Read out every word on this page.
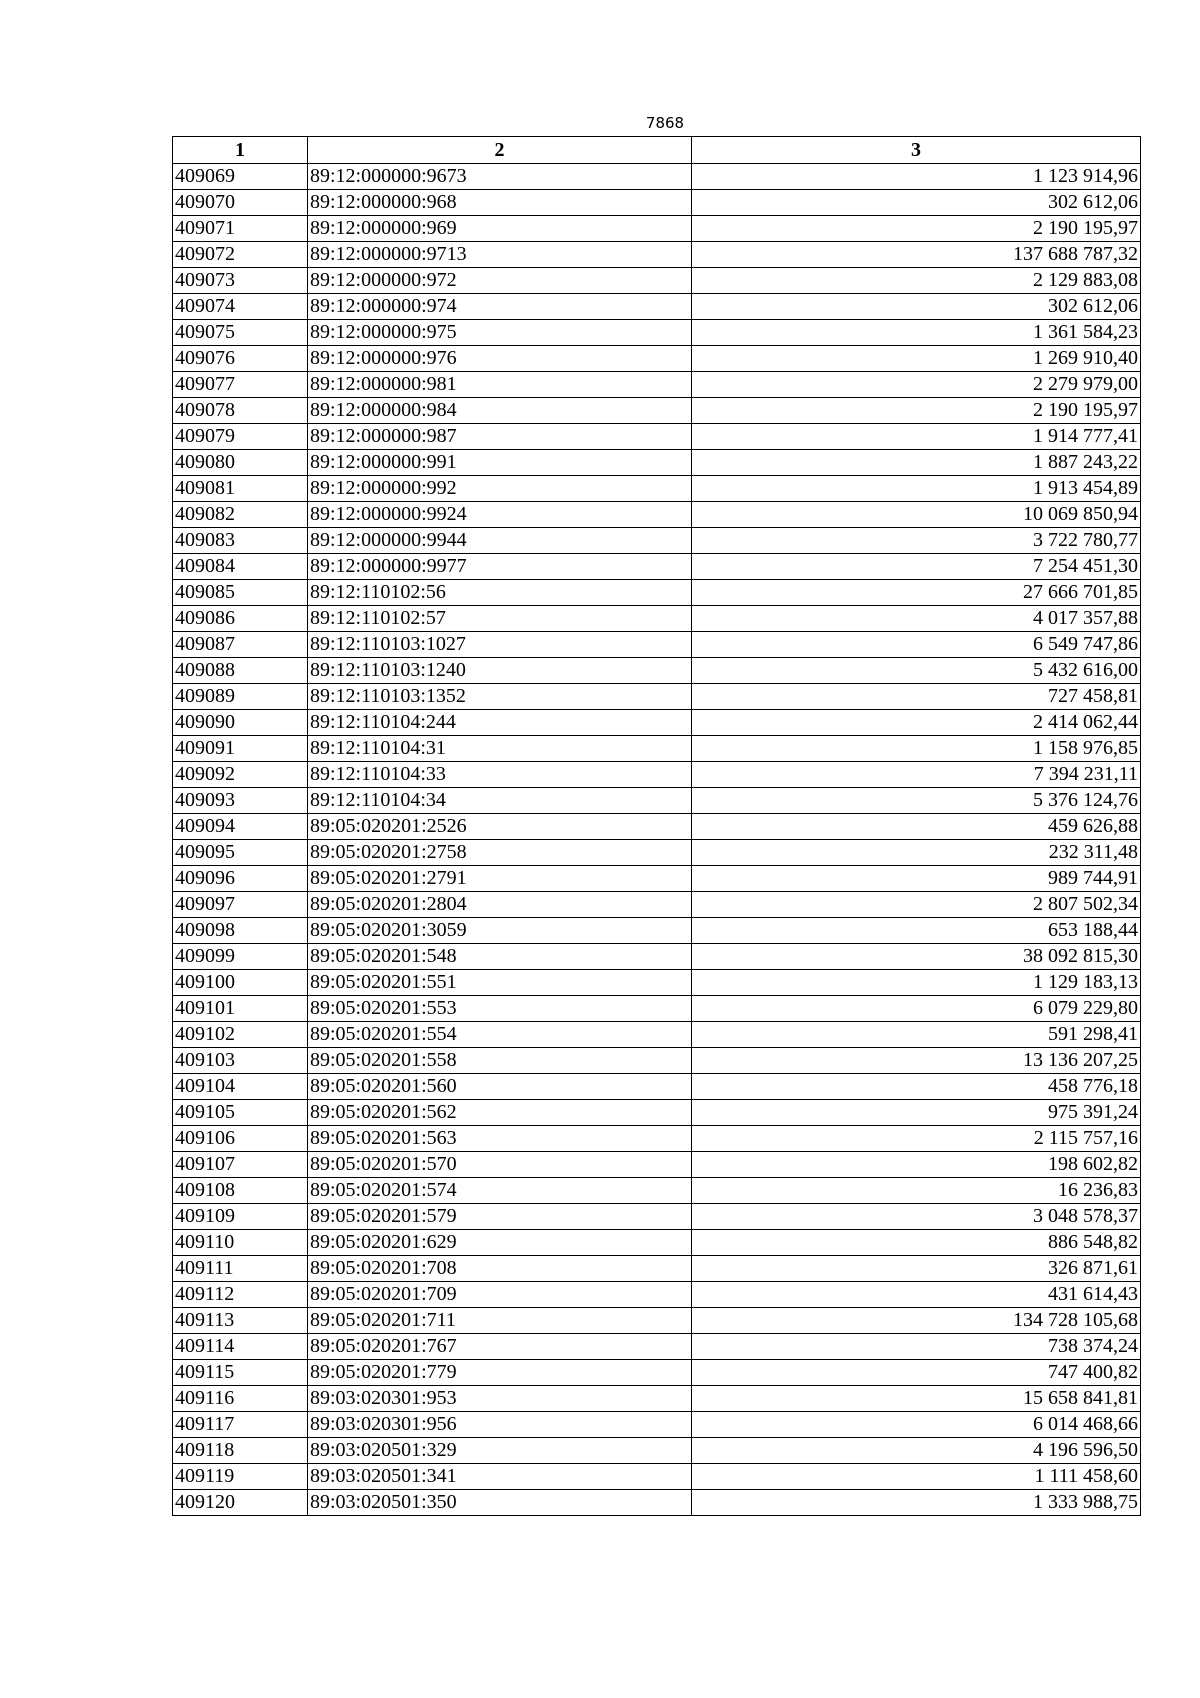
7868
1	2	3
409069	89:12:000000:9673	1 123 914,96
409070	89:12:000000:968	302 612,06
409071	89:12:000000:969	2 190 195,97
409072	89:12:000000:9713	137 688 787,32
409073	89:12:000000:972	2 129 883,08
409074	89:12:000000:974	302 612,06
409075	89:12:000000:975	1 361 584,23
409076	89:12:000000:976	1 269 910,40
409077	89:12:000000:981	2 279 979,00
409078	89:12:000000:984	2 190 195,97
409079	89:12:000000:987	1 914 777,41
409080	89:12:000000:991	1 887 243,22
409081	89:12:000000:992	1 913 454,89
409082	89:12:000000:9924	10 069 850,94
409083	89:12:000000:9944	3 722 780,77
409084	89:12:000000:9977	7 254 451,30
409085	89:12:110102:56	27 666 701,85
409086	89:12:110102:57	4 017 357,88
409087	89:12:110103:1027	6 549 747,86
409088	89:12:110103:1240	5 432 616,00
409089	89:12:110103:1352	727 458,81
409090	89:12:110104:244	2 414 062,44
409091	89:12:110104:31	1 158 976,85
409092	89:12:110104:33	7 394 231,11
409093	89:12:110104:34	5 376 124,76
409094	89:05:020201:2526	459 626,88
409095	89:05:020201:2758	232 311,48
409096	89:05:020201:2791	989 744,91
409097	89:05:020201:2804	2 807 502,34
409098	89:05:020201:3059	653 188,44
409099	89:05:020201:548	38 092 815,30
409100	89:05:020201:551	1 129 183,13
409101	89:05:020201:553	6 079 229,80
409102	89:05:020201:554	591 298,41
409103	89:05:020201:558	13 136 207,25
409104	89:05:020201:560	458 776,18
409105	89:05:020201:562	975 391,24
409106	89:05:020201:563	2 115 757,16
409107	89:05:020201:570	198 602,82
409108	89:05:020201:574	16 236,83
409109	89:05:020201:579	3 048 578,37
409110	89:05:020201:629	886 548,82
409111	89:05:020201:708	326 871,61
409112	89:05:020201:709	431 614,43
409113	89:05:020201:711	134 728 105,68
409114	89:05:020201:767	738 374,24
409115	89:05:020201:779	747 400,82
409116	89:03:020301:953	15 658 841,81
409117	89:03:020301:956	6 014 468,66
409118	89:03:020501:329	4 196 596,50
409119	89:03:020501:341	1 111 458,60
409120	89:03:020501:350	1 333 988,75
